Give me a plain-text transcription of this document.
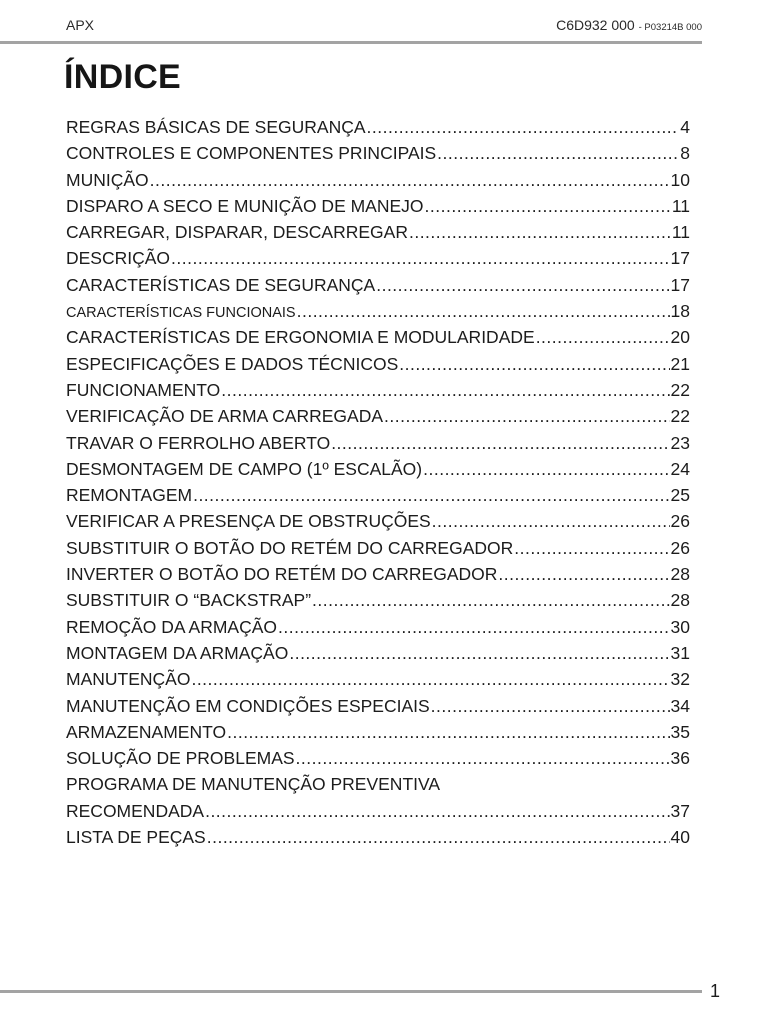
APX	C6D932 000 - P03214B 000
ÍNDICE
REGRAS BÁSICAS DE SEGURANÇA .....	4
CONTROLES E COMPONENTES PRINCIPAIS .....	8
MUNIÇÃO .....	10
DISPARO A SECO E MUNIÇÃO DE MANEJO .....	11
CARREGAR, DISPARAR, DESCARREGAR .....	11
DESCRIÇÃO .....	17
CARACTERÍSTICAS DE SEGURANÇA .....	17
CARACTERÍSTICAS FUNCIONAIS .....	18
CARACTERÍSTICAS DE ERGONOMIA E MODULARIDADE .....	20
ESPECIFICAÇÕES E DADOS TÉCNICOS .....	21
FUNCIONAMENTO .....	22
VERIFICAÇÃO DE ARMA CARREGADA .....	22
TRAVAR O FERROLHO ABERTO .....	23
DESMONTAGEM DE CAMPO (1º ESCALÃO) .....	24
REMONTAGEM .....	25
VERIFICAR A PRESENÇA DE OBSTRUÇÕES .....	26
SUBSTITUIR O BOTÃO DO RETÉM DO CARREGADOR .....	26
INVERTER O BOTÃO DO RETÉM DO CARREGADOR .....	28
SUBSTITUIR O “BACKSTRAP” .....	28
REMOÇÃO DA ARMAÇÃO .....	30
MONTAGEM DA ARMAÇÃO .....	31
MANUTENÇÃO .....	32
MANUTENÇÃO EM CONDIÇÕES ESPECIAIS .....	34
ARMAZENAMENTO .....	35
SOLUÇÃO DE PROBLEMAS .....	36
PROGRAMA DE MANUTENÇÃO PREVENTIVA
RECOMENDADA .....	37
LISTA DE PEÇAS .....	40
1
